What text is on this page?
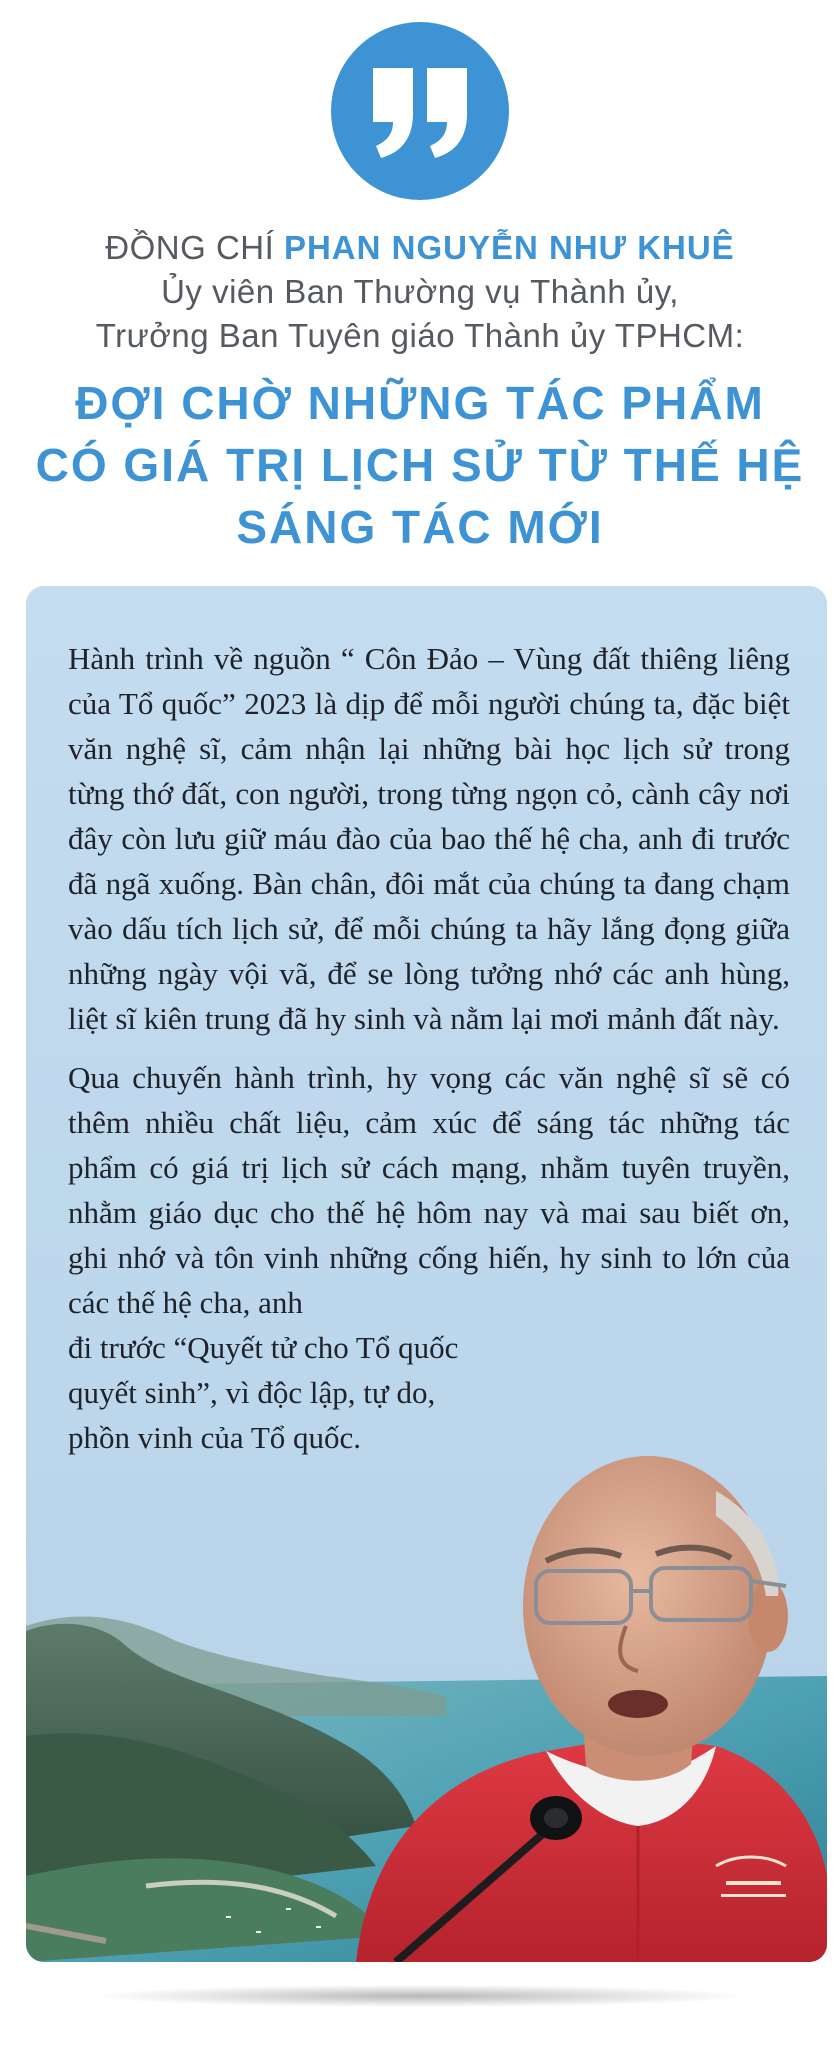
ĐỒNG CHÍ PHAN NGUYỄN NHƯ KHUÊ
Ủy viên Ban Thường vụ Thành ủy,
Trưởng Ban Tuyên giáo Thành ủy TPHCM:
ĐỢI CHỜ NHỮNG TÁC PHẨM
CÓ GIÁ TRỊ LỊCH SỬ TỪ THẾ HỆ
SÁNG TÁC MỚI

Hành trình về nguồn “ Côn Đảo – Vùng đất thiêng liêng của Tổ quốc” 2023 là dịp để mỗi người chúng ta, đặc biệt văn nghệ sĩ, cảm nhận lại những bài học lịch sử trong từng thớ đất, con người, trong từng ngọn cỏ, cành cây nơi đây còn lưu giữ máu đào của bao thế hệ cha, anh đi trước đã ngã xuống. Bàn chân, đôi mắt của chúng ta đang chạm vào dấu tích lịch sử, để mỗi chúng ta hãy lắng đọng giữa những ngày vội vã, để se lòng tưởng nhớ các anh hùng, liệt sĩ kiên trung đã hy sinh và nằm lại mơi mảnh đất này.

Qua chuyến hành trình, hy vọng các văn nghệ sĩ sẽ có thêm nhiều chất liệu, cảm xúc để sáng tác những tác phẩm có giá trị lịch sử cách mạng, nhằm tuyên truyền, nhằm giáo dục cho thế hệ hôm nay và mai sau biết ơn, ghi nhớ và tôn vinh những cống hiến, hy sinh to lớn của các thế hệ cha, anh

đi trước “Quyết tử cho Tổ quốc
quyết sinh”, vì độc lập, tự do,
phồn vinh của Tổ quốc.
